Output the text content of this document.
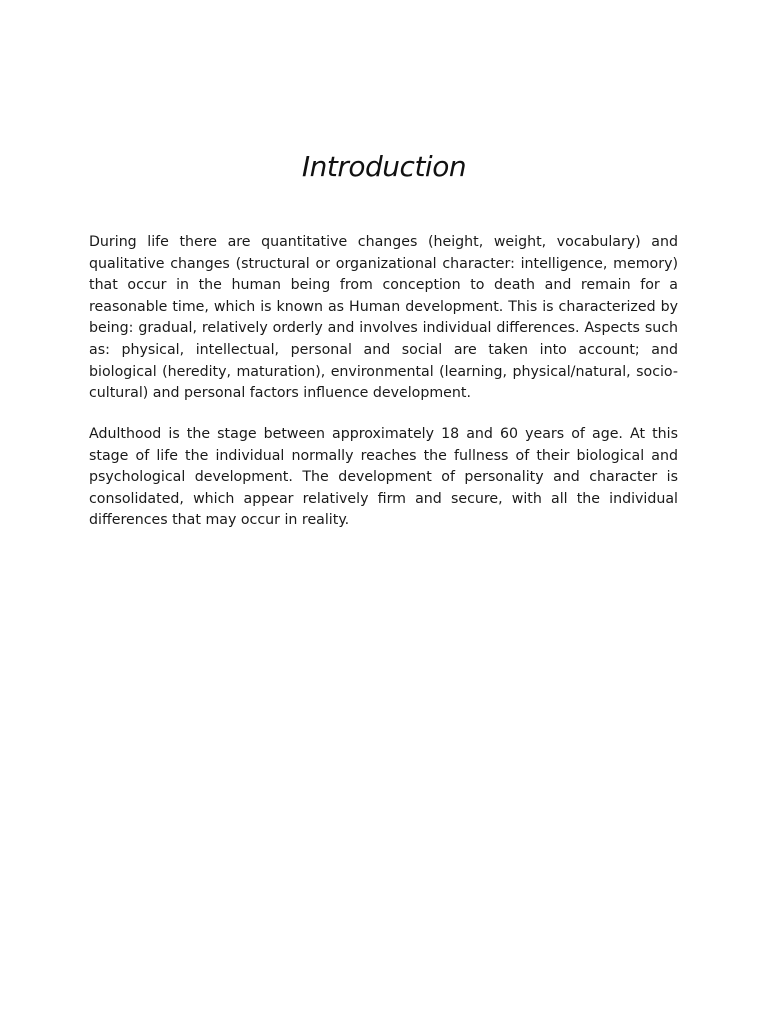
Introduction

During life there are quantitative changes (height, weight, vocabulary) and qualitative changes (structural or organizational character: intelligence, memory) that occur in the human being from conception to death and remain for a reasonable time, which is known as Human development. This is characterized by being: gradual, relatively orderly and involves individual differences. Aspects such as: physical, intellectual, personal and social are taken into account; and biological (heredity, maturation), environmental (learning, physical/natural, socio-cultural) and personal factors influence development.

Adulthood is the stage between approximately 18 and 60 years of age. At this stage of life the individual normally reaches the fullness of their biological and psychological development. The development of personality and character is consolidated, which appear relatively firm and secure, with all the individual differences that may occur in reality.
